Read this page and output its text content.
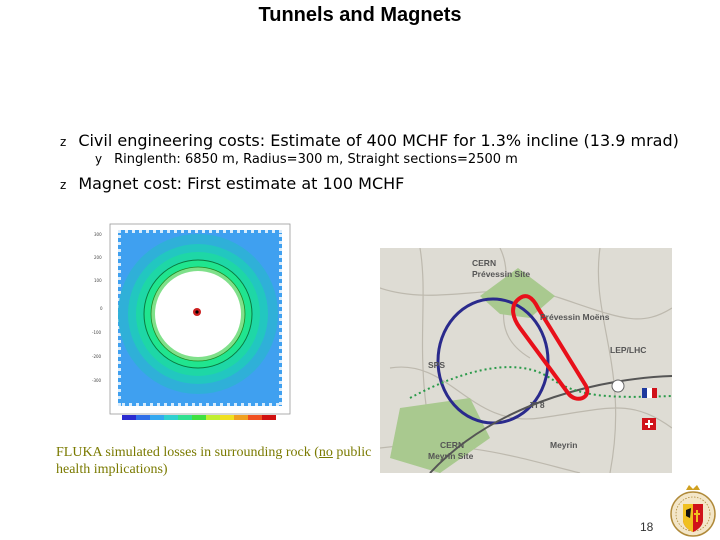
Tunnels and Magnets
z Civil engineering costs: Estimate of 400 MCHF for 1.3% incline (13.9 mrad)
y Ringlenth: 6850 m, Radius=300 m, Straight sections=2500 m
z Magnet cost: First estimate at 100 MCHF
300
200
100
0
-100
-200
-300
CERN
Prévessin Site
Prévessin Moëns
LEP/LHC
SPS
TI 8
CERN
Meyrin Site
Meyrin
FLUKA simulated losses in surrounding rock (no public health implications)
18
